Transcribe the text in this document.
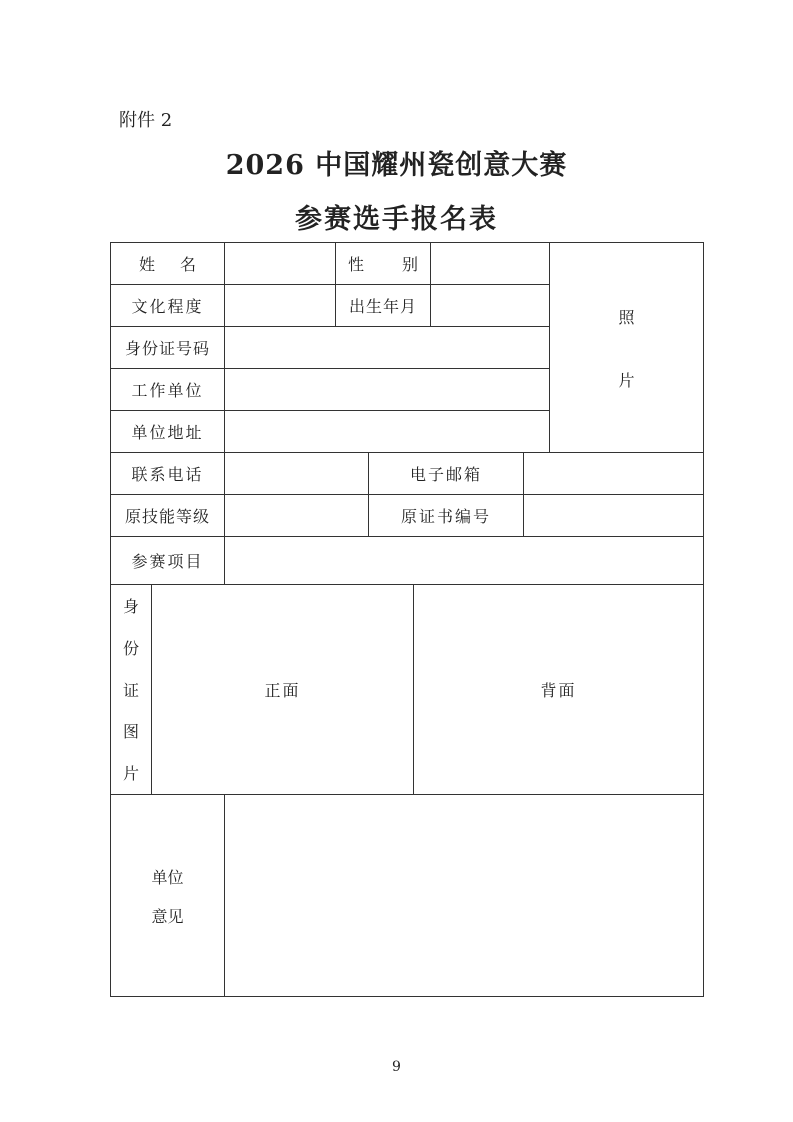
附件 2
2026 中国耀州瓷创意大赛
参赛选手报名表
姓 名	性 别
文化程度	出生年月
照
片
身份证号码
工作单位
单位地址
联系电话	电子邮箱
原技能等级	原证书编号
参赛项目
身
份
证
图
片
正面	背面
单位
意见
9
